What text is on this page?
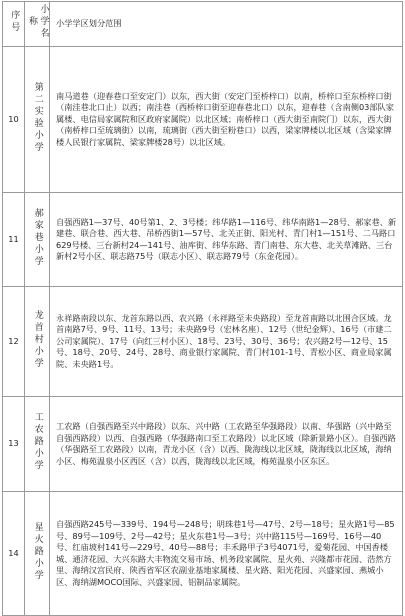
序号	小学名称	小学学区划分范围
10	第二实验小学	南马道巷（迎春巷口至安定门）以东，西大街（安定门至桥梓口）以南，桥梓口至东桥梓口街（南洼巷北口止）以西；南洼巷（西桥梓口街至迎春巷北口）以东，迎春巷（含南侧03部队家属楼、电信局家属院和区政府家属院）以北区域；南桥梓口（西大街至南院门）以东，西大街（南桥梓口至琉璃街）以南，琉璃街（西大街至粉巷口）以西，梁家牌楼以北区域（含梁家牌楼人民银行家属院、梁家牌楼28号）以北区域。
11	郝家巷小学	自强西路1—37号、40号第1、2、3号楼；纬华路1—116号、纬华南路1—28号、郝家巷、新建巷、联合巷、西大巷、吊桥西街1—57号、北关正街、阳光村、青门村1—151号、二马路口629号楼、三台新村24—141号、油库街、纬华东路、青门南巷、东大巷、北关草滩路、三台新村2号小区、联志路75号（联志小区）、联志路79号（东金花园）。
12	龙首村小学	永祥路南段以东、龙首东路以西、农兴路（永祥路至未央路段）至龙首南路以北围合区域。龙首南路7号、9号、11号、13号；未央路9号（宏林名座）、12号（世纪金辉）、16号（市建二公司家属院）、17号（向红三村小区）、18号、23号、30号、36号；农兴路2号—12号、15号、18号、20号、24号、28号、商业银行家属院、青门村101-1号、青松小区、商业局家属院、未央路1号。
13	工农路小学	工农路（自强西路至兴中路段）以东、兴中路（工农路至华强路段）以南、华强路（兴中路至自强西路段）以西、自强西路（华强路南口至工农路段）以北区域（除新景路小区）。自强西路（华强路至工农路段）以南，青龙小区（含）以西、陇海线以北区域，陇海线以北区域，海纳小区、梅苑温泉小区西区（含）以西，陇海线以北区域，梅苑温泉小区东区。
14	星火路小学	自强西路245号—339号、194号—248号；明珠巷1号—47号、2号—18号；星火路1号—85号、89号—109号、2号—42号；星火东巷1号—3号；兴中路115号—169号、16号—40号、红庙坡村141号—229号、40号—88号；丰禾路甲子3号4071号，爱菊花园、中国香楼城、通济花园、大兴东路大丰物流交易市场、机务段家属院、星火苑、兴隆都市花园、浩然方里、海纳汉宫民府、陕西省军区农副业基地家属楼、星火路、阳光花园、兴盛家园、燕城小区、海纳湖MOCO国际、兴盛家园、铝制品家属院。
